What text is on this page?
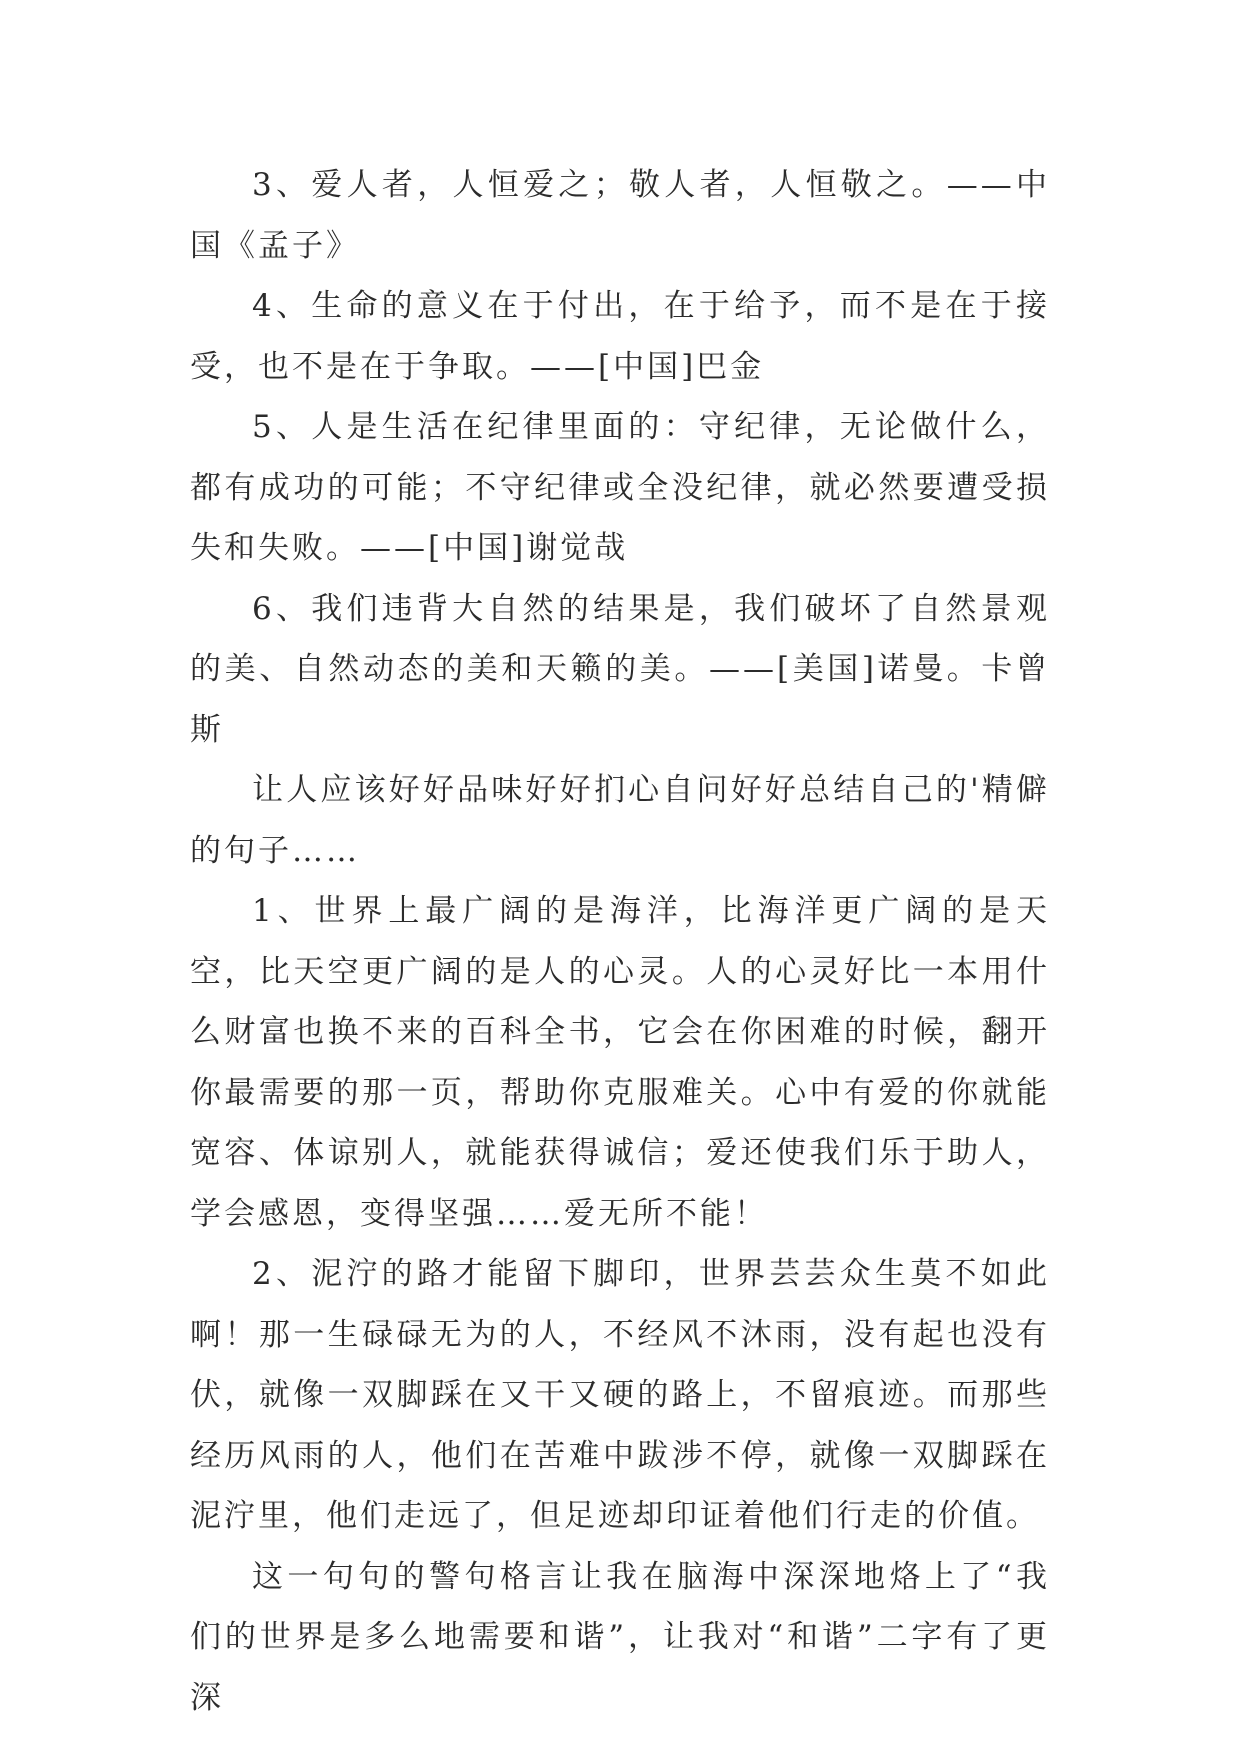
3、爱人者，人恒爱之；敬人者，人恒敬之。——中国《孟子》

4、生命的意义在于付出，在于给予，而不是在于接受，也不是在于争取。——[中国]巴金

5、人是生活在纪律里面的：守纪律，无论做什么，都有成功的可能；不守纪律或全没纪律，就必然要遭受损失和失败。——[中国]谢觉哉

6、我们违背大自然的结果是，我们破坏了自然景观的美、自然动态的美和天籁的美。——[美国]诺曼。卡曾斯

让人应该好好品味好好扪心自问好好总结自己的'精僻的句子……

1、世界上最广阔的是海洋，比海洋更广阔的是天空，比天空更广阔的是人的心灵。人的心灵好比一本用什么财富也换不来的百科全书，它会在你困难的时候，翻开你最需要的那一页，帮助你克服难关。心中有爱的你就能宽容、体谅别人，就能获得诚信；爱还使我们乐于助人，学会感恩，变得坚强……爱无所不能！

2、泥泞的路才能留下脚印，世界芸芸众生莫不如此啊！那一生碌碌无为的人，不经风不沐雨，没有起也没有伏，就像一双脚踩在又干又硬的路上，不留痕迹。而那些经历风雨的人，他们在苦难中跋涉不停，就像一双脚踩在泥泞里，他们走远了，但足迹却印证着他们行走的价值。

这一句句的警句格言让我在脑海中深深地烙上了“我们的世界是多么地需要和谐”，让我对“和谐”二字有了更深
